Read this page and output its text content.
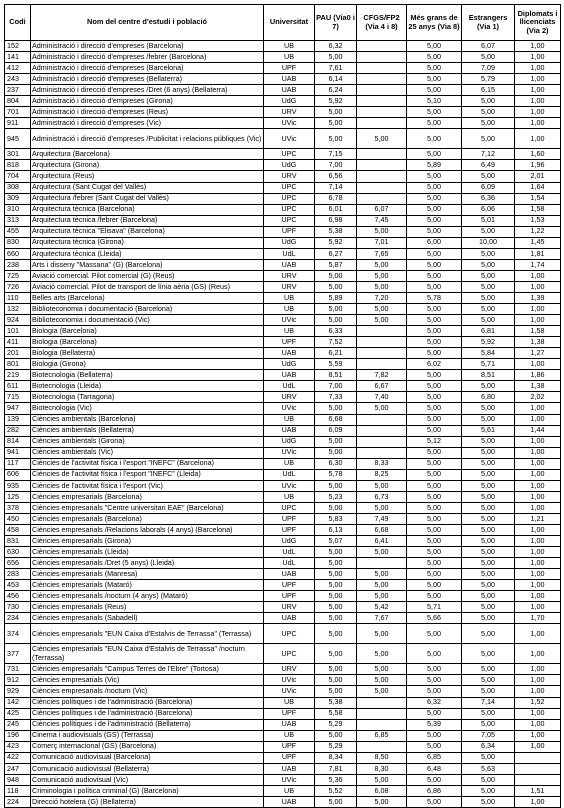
Codi	Nom del centre d'estudi i població	Universitat	PAU (Via0 i 7)	CFGS/FP2 (Via 4 i 8)	Més grans de 25 anys (Via 8)	Estrangers (Via 1)	Diplomats i llicenciats (Via 2)
152	Administració i direcció d'empreses (Barcelona)	UB	6,32		5,00	6,07	1,00
141	Administració i direcció d'empreses /febrer (Barcelona)	UB	5,00		5,00	5,00	1,00
412	Administració i direcció d'empreses (Barcelona)	UPF	7,61		5,00	7,09	1,00
243	Administració i direcció d'empreses (Bellaterra)	UAB	6,14		5,00	5,79	1,00
237	Administració i direcció d'empreses /Dret (6 anys) (Bellaterra)	UAB	6,24		5,00	6,15	1,00
804	Administració i direcció d'empreses (Girona)	UdG	5,92		5,10	5,00	1,00
701	Administració i direcció d'empreses (Reus)	URV	5,00		5,00	5,00	1,00
911	Administració i direcció d'empreses (Vic)	UVic	5,00		5,00	5,00	1,00
945	Administració i direcció d'empreses /Publicitat i relacions públiques (Vic)	UVic	5,00	5,00	5,00	5,00	1,00
301	Arquitectura (Barcelona)	UPC	7,15		5,00	7,12	1,60
818	Arquitectura (Girona)	UdG	7,00		5,89	6,49	1,96
704	Arquitectura (Reus)	URV	6,56		5,00	5,00	2,01
308	Arquitectura (Sant Cugat del Vallès)	UPC	7,14		5,00	6,09	1,64
309	Arquitectura /febrer (Sant Cugat del Vallès)	UPC	6,78		5,00	6,36	1,54
310	Arquitectura tècnica (Barcelona)	UPC	6,01	6,07	5,00	6,06	1,58
313	Arquitectura tècnica /febrer (Barcelona)	UPC	6,98	7,45	5,00	5,01	1,53
455	Arquitectura tècnica "Elisava" (Barcelona)	UPF	5,38	5,00	5,00	5,00	1,22
830	Arquitectura tècnica (Girona)	UdG	5,92	7,01	6,00	10,00	1,45
660	Arquitectura tècnica (Lleida)	UdL	6,27	7,65	5,00	5,00	1,81
238	Arts i disseny "Massana" (G) (Barcelona)	UAB	5,87	5,00	5,00	5,00	1,74
725	Aviació comercial. Pilot comercial (G) (Reus)	URV	5,00	5,00	5,00	5,00	1,00
726	Aviació comercial. Pilot de transport de línia aèria (GS) (Reus)	URV	5,00	5,00	5,00	5,00	1,00
110	Belles arts (Barcelona)	UB	5,89	7,20	5,78	5,00	1,39
132	Biblioteconomia i documentació (Barcelona)	UB	5,00	5,00	5,00	5,00	1,00
924	Biblioteconomia i documentació (Vic)	UVic	5,00	5,00	5,00	5,00	1,00
101	Biologia (Barcelona)	UB	6,33		5,00	6,81	1,58
411	Biologia (Barcelona)	UPF	7,52		5,00	5,92	1,38
201	Biologia (Bellaterra)	UAB	6,21		5,00	5,84	1,27
801	Biologia (Girona)	UdG	5,59		6,02	5,71	1,00
219	Biotecnologia (Bellaterra)	UAB	8,51	7,82	5,00	8,51	1,86
611	Biotecnologia (Lleida)	UdL	7,00	6,67	5,00	5,00	1,38
715	Biotecnologia (Tarragona)	URV	7,33	7,40	5,00	6,80	2,02
947	Biotecnologia (Vic)	UVic	5,00	5,00	5,00	5,00	1,00
139	Ciències ambientals (Barcelona)	UB	6,68		5,00	5,00	1,00
282	Ciències ambientals (Bellaterra)	UAB	6,09		5,00	5,61	1,44
814	Ciències ambientals (Girona)	UdG	5,00		5,12	5,00	1,00
941	Ciències ambientals (Vic)	UVic	5,00		5,00	5,00	1,00
117	Ciències de l'activitat física i l'esport "INEFC" (Barcelona)	UB	6,30	8,33	5,00	5,00	1,00
606	Ciències de l'activitat física i l'esport "INEFC" (Lleida)	UdL	5,78	8,25	5,00	5,00	1,00
935	Ciències de l'activitat física i l'esport (Vic)	UVic	5,00	5,00	5,00	5,00	1,00
125	Ciències empresarials (Barcelona)	UB	5,23	6,73	5,00	5,00	1,00
378	Ciències empresarials "Centre universitari EAE" (Barcelona)	UPC	5,00	5,00	5,00	5,00	1,00
450	Ciències empresarials (Barcelona)	UPF	5,83	7,49	5,00	5,00	1,21
458	Ciències empresarials /Relacions laborals (4 anys) (Barcelona)	UPF	6,13	6,68	5,00	5,00	1,00
831	Ciències empresarials (Girona)	UdG	5,07	6,41	5,00	5,00	1,00
630	Ciències empresarials (Lleida)	UdL	5,00	5,00	5,00	5,00	1,00
656	Ciències empresarials /Dret (5 anys) (Lleida)	UdL	5,00		5,00	5,00	1,00
283	Ciències empresarials (Manresa)	UAB	5,00	5,00	5,00	5,00	1,00
453	Ciències empresarials (Mataró)	UPF	5,00	5,00	5,00	5,00	1,00
456	Ciències empresarials /nocturn (4 anys) (Mataró)	UPF	5,00	5,00	5,00	5,00	1,00
730	Ciències empresarials (Reus)	URV	5,00	5,42	5,71	5,00	1,00
234	Ciències empresarials (Sabadell)	UAB	5,00	7,67	5,66	5,00	1,70
374	Ciències empresarials "EUN Caixa d'Estalvis de Terrassa" (Terrassa)	UPC	5,00	5,00	5,00	5,00	1,00
377	Ciències empresarials "EUN Caixa d'Estalvis de Terrassa" /nocturn (Terrassa)	UPC	5,00	5,00	5,00	5,00	1,00
731	Ciències empresarials "Campus Terres de l'Ebre" (Tortosa)	URV	5,00	5,00	5,00	5,00	1,00
912	Ciències empresarials (Vic)	UVic	5,00	5,00	5,00	5,00	1,00
929	Ciències empresarials /nocturn (Vic)	UVic	5,00	5,00	5,00	5,00	1,00
142	Ciències polítiques i de l'administració (Barcelona)	UB	5,38		6,32	7,14	1,52
425	Ciències polítiques i de l'administració (Barcelona)	UPF	5,58		5,00	5,00	1,00
245	Ciències polítiques i de l'administració (Bellaterra)	UAB	5,29		5,39	5,00	1,00
196	Cinema i audiovisuals (GS) (Terrassa)	UB	5,00	6,85	5,00	7,05	1,00
423	Comerç internacional (GS) (Barcelona)	UPF	5,29		5,00	6,34	1,00
422	Comunicació audiovisual (Barcelona)	UPF	8,34	8,50	6,85	5,00	
247	Comunicació audiovisual (Bellaterra)	UAB	7,81	8,30	6,48	5,63	
948	Comunicació audiovisual (Vic)	UVic	5,36	5,00	5,00	5,00	
118	Criminologia i política criminal (G) (Barcelona)	UB	5,52	6,08	6,86	5,00	1,51
224	Direcció hotelera (G) (Bellaterra)	UAB	5,00	5,00	5,00	5,00	1,00
